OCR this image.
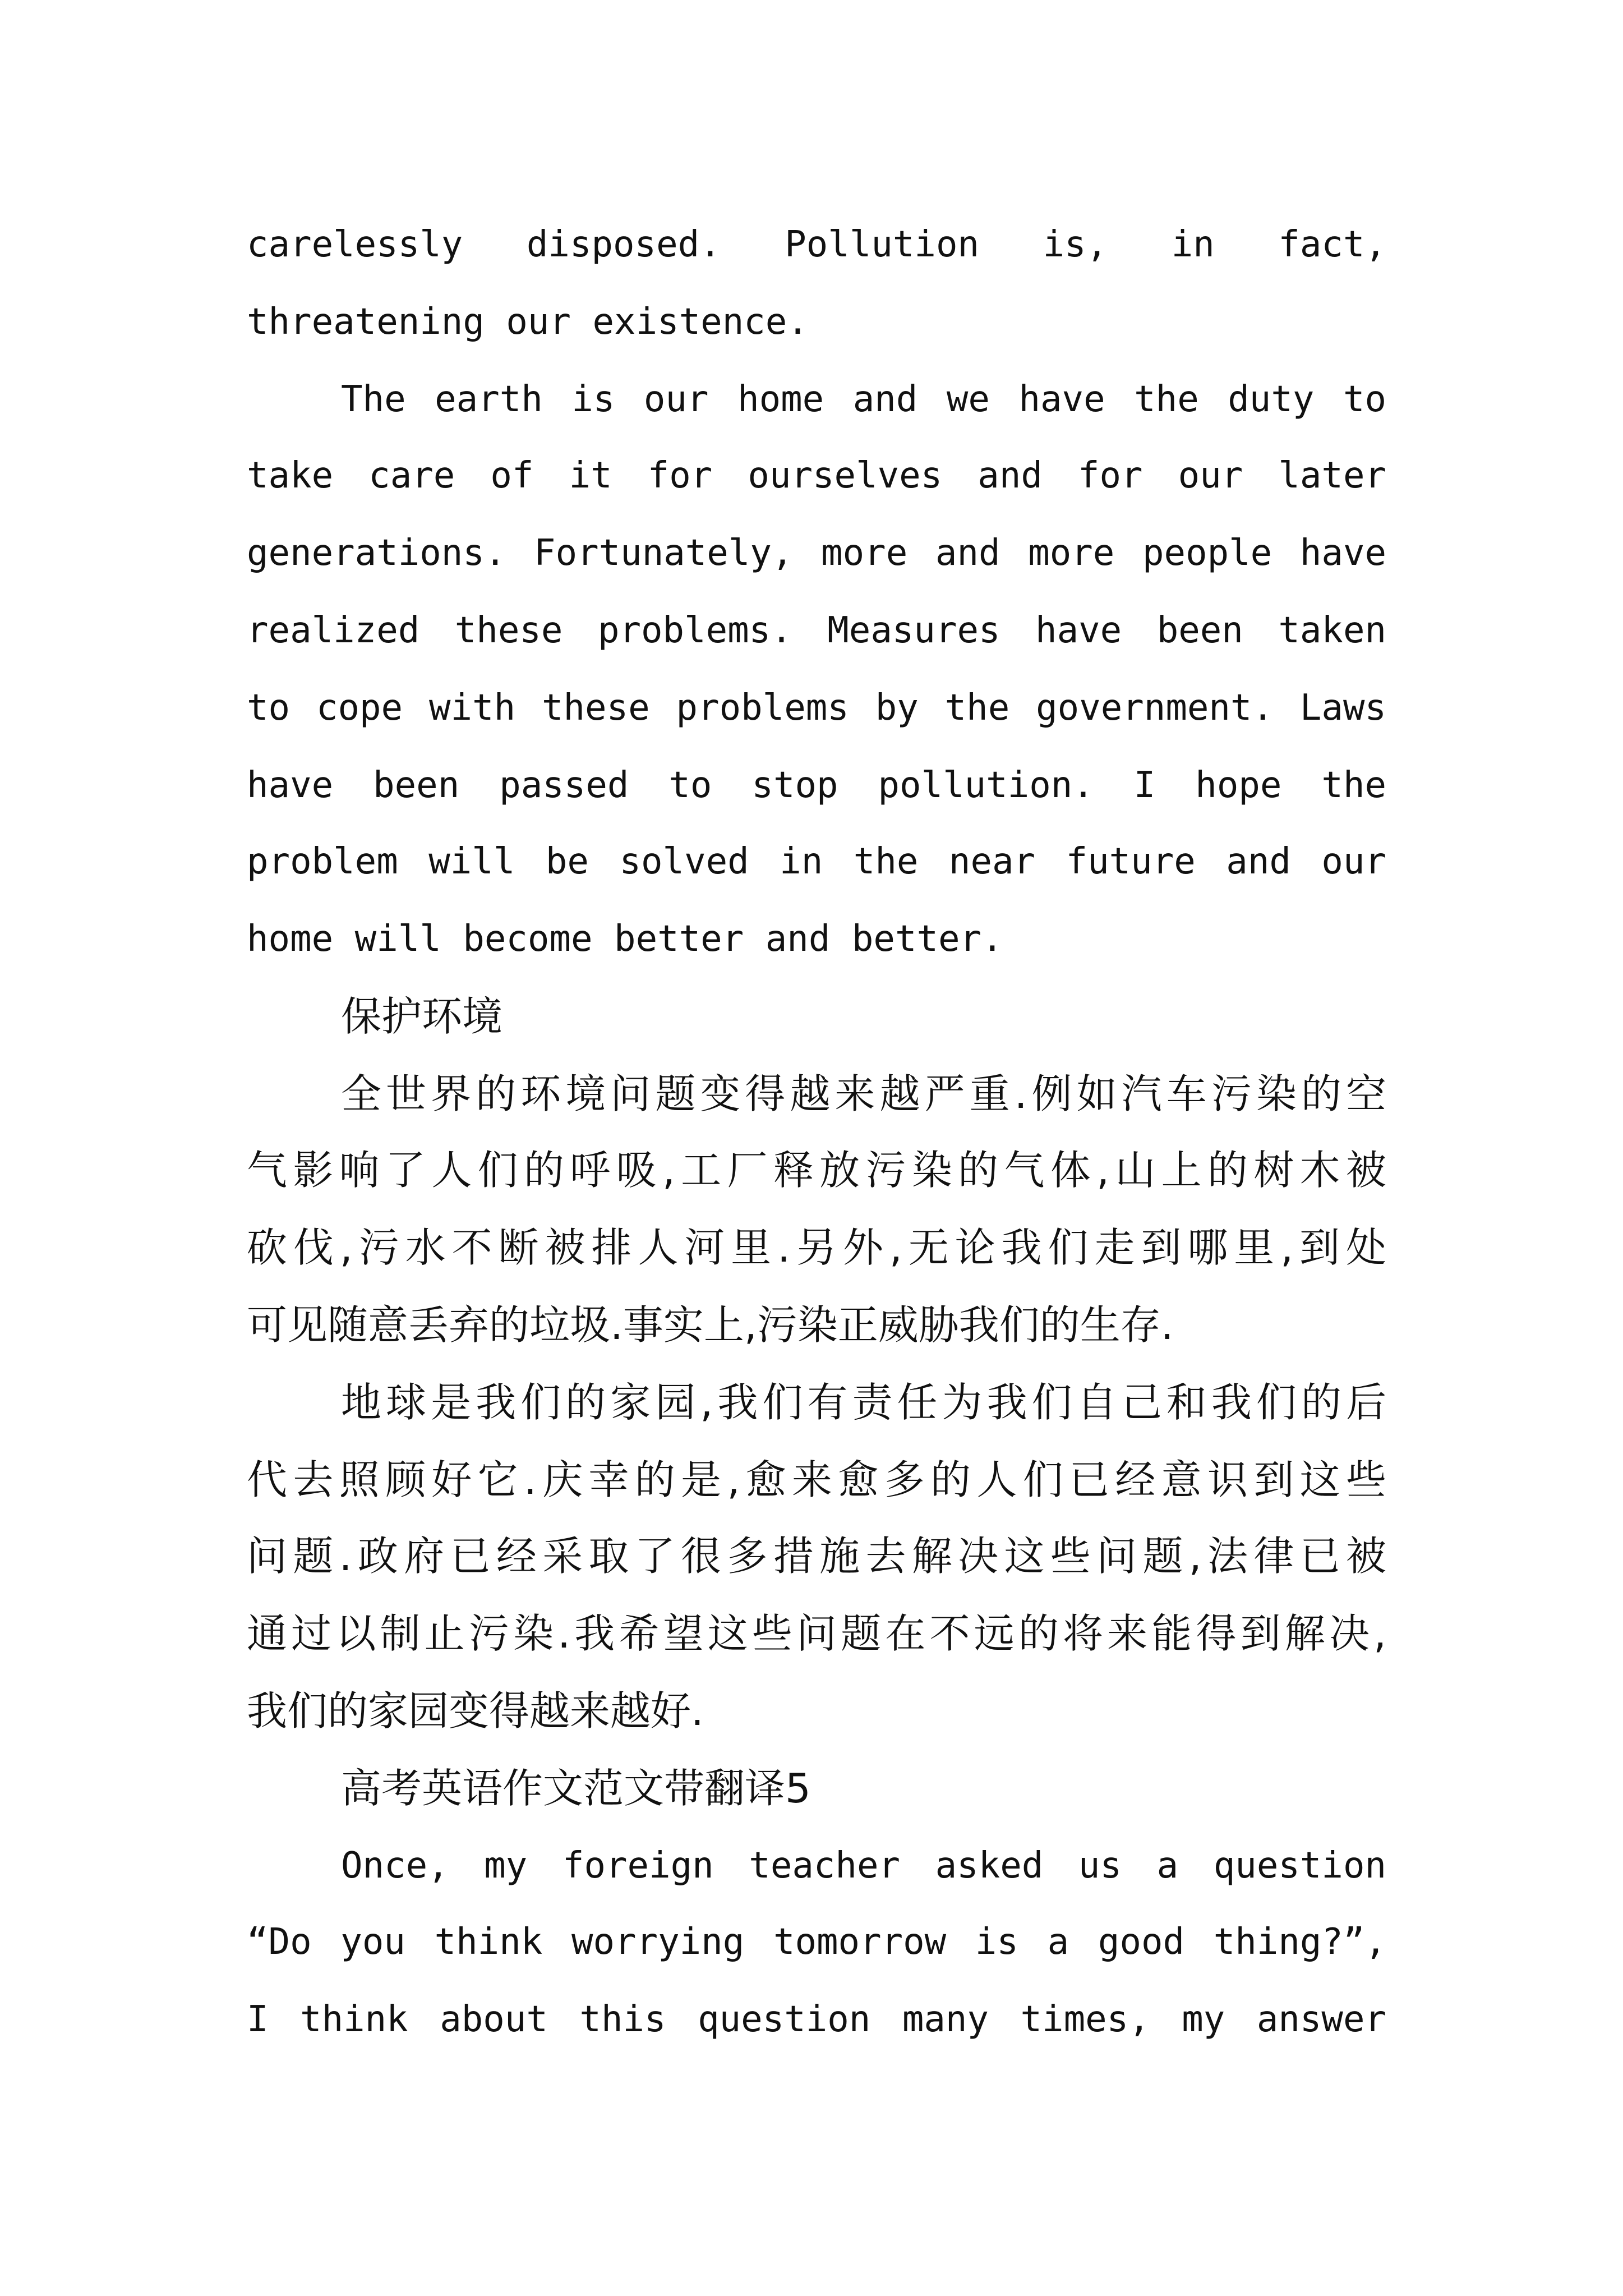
carelessly disposed. Pollution is, in fact,
threatening our existence.
The earth is our home and we have the duty to
take care of it for ourselves and for our later
generations. Fortunately, more and more people have
realized these problems. Measures have been taken
to cope with these problems by the government. Laws
have been passed to stop pollution. I hope the
problem will be solved in the near future and our
home will become better and better.
保护环境
全世界的环境问题变得越来越严重.例如汽车污染的空
气影响了人们的呼吸,工厂释放污染的气体,山上的树木被
砍伐,污水不断被排人河里.另外,无论我们走到哪里,到处
可见随意丢弃的垃圾.事实上,污染正威胁我们的生存.
地球是我们的家园,我们有责任为我们自己和我们的后
代去照顾好它.庆幸的是,愈来愈多的人们已经意识到这些
问题.政府已经采取了很多措施去解决这些问题,法律已被
通过以制止污染.我希望这些问题在不远的将来能得到解决,
我们的家园变得越来越好.
高考英语作文范文带翻译5
Once, my foreign teacher asked us a question
“Do you think worrying tomorrow is a good thing?”,
I think about this question many times, my answer
